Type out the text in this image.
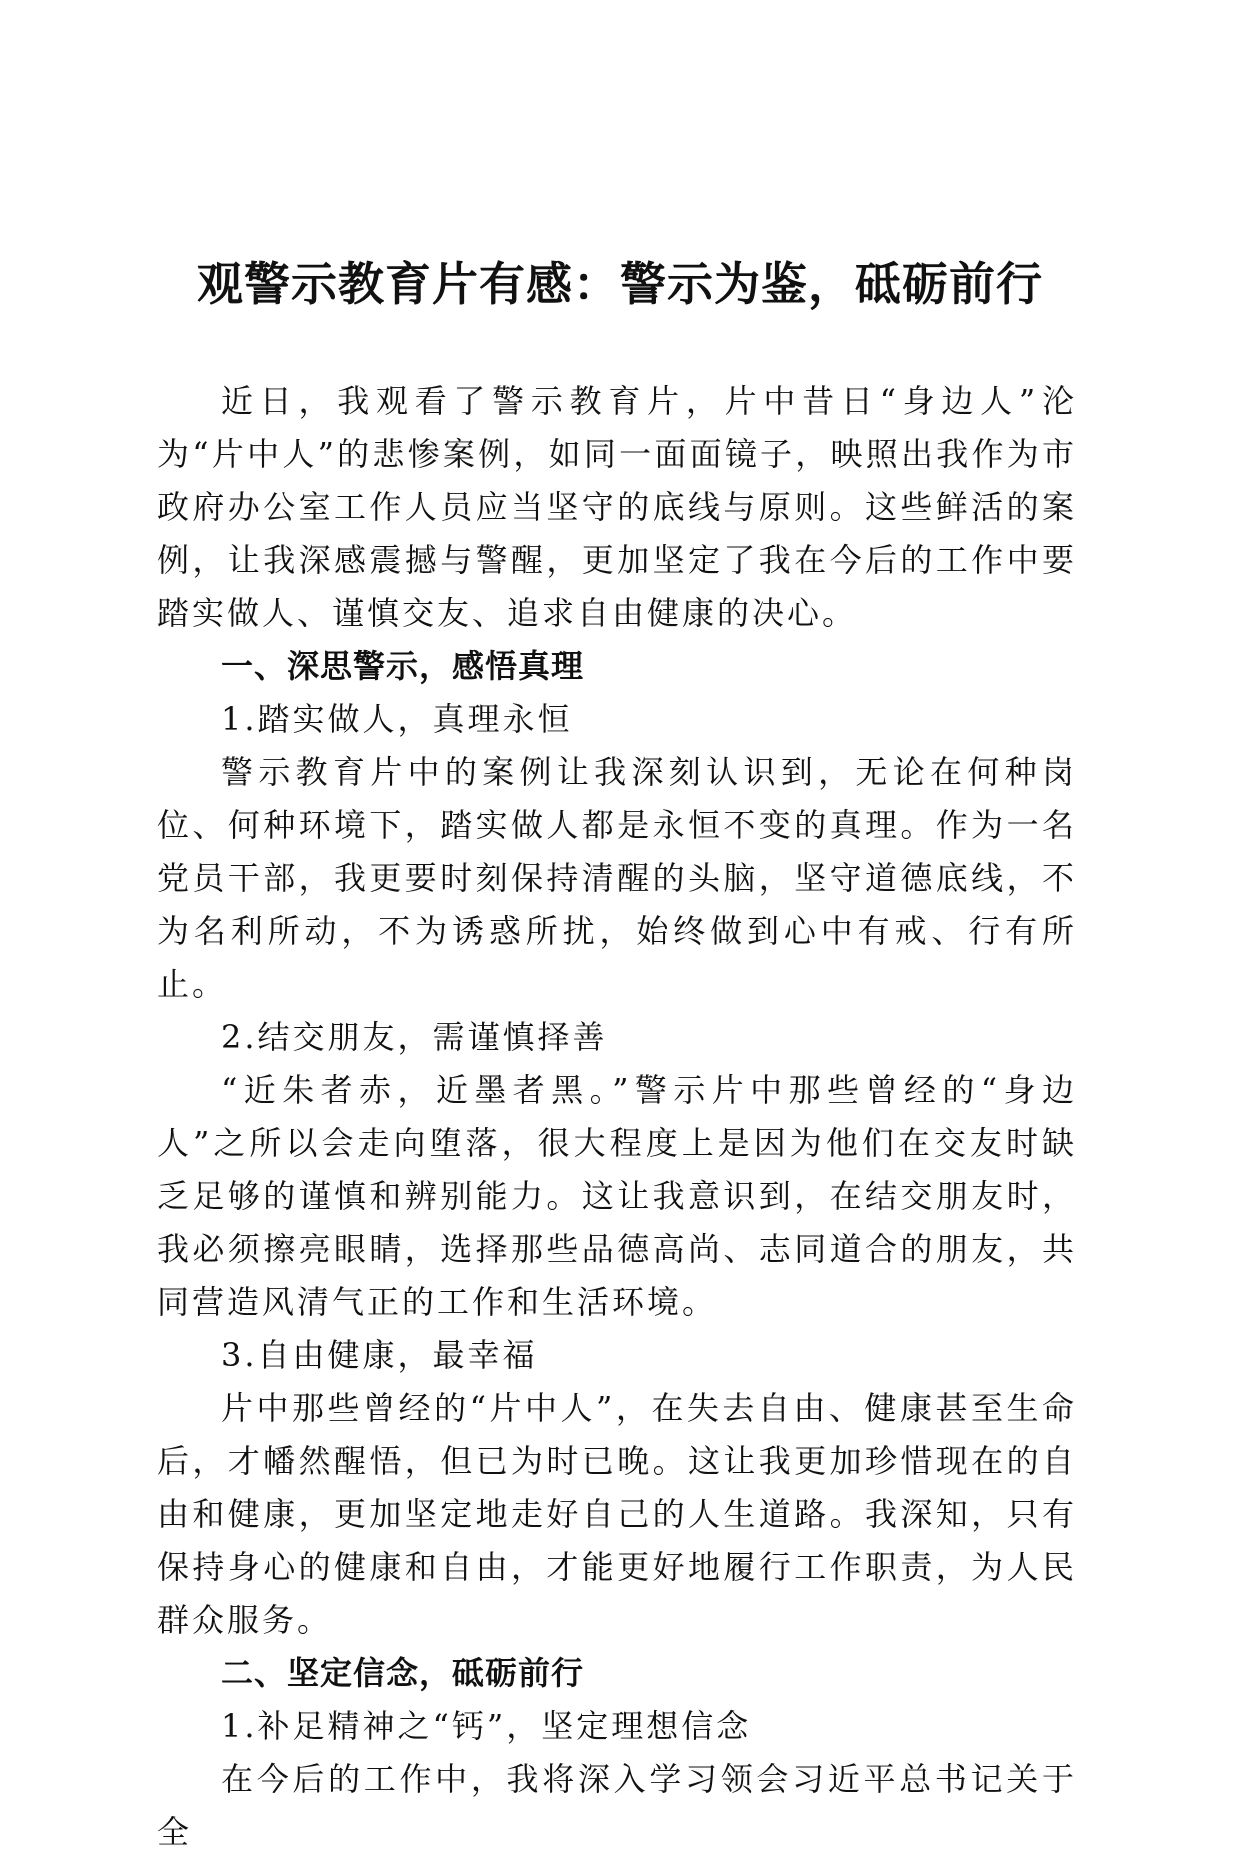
观警示教育片有感：警示为鉴，砥砺前行

近日，我观看了警示教育片，片中昔日“身边人”沦为“片中人”的悲惨案例，如同一面面镜子，映照出我作为市政府办公室工作人员应当坚守的底线与原则。这些鲜活的案例，让我深感震撼与警醒，更加坚定了我在今后的工作中要踏实做人、谨慎交友、追求自由健康的决心。

一、深思警示，感悟真理

1.踏实做人，真理永恒

警示教育片中的案例让我深刻认识到，无论在何种岗位、何种环境下，踏实做人都是永恒不变的真理。作为一名党员干部，我更要时刻保持清醒的头脑，坚守道德底线，不为名利所动，不为诱惑所扰，始终做到心中有戒、行有所止。

2.结交朋友，需谨慎择善

“近朱者赤，近墨者黑。”警示片中那些曾经的“身边人”之所以会走向堕落，很大程度上是因为他们在交友时缺乏足够的谨慎和辨别能力。这让我意识到，在结交朋友时，我必须擦亮眼睛，选择那些品德高尚、志同道合的朋友，共同营造风清气正的工作和生活环境。

3.自由健康，最幸福

片中那些曾经的“片中人”，在失去自由、健康甚至生命后，才幡然醒悟，但已为时已晚。这让我更加珍惜现在的自由和健康，更加坚定地走好自己的人生道路。我深知，只有保持身心的健康和自由，才能更好地履行工作职责，为人民群众服务。

二、坚定信念，砥砺前行

1.补足精神之“钙”，坚定理想信念

在今后的工作中，我将深入学习领会习近平总书记关于全
